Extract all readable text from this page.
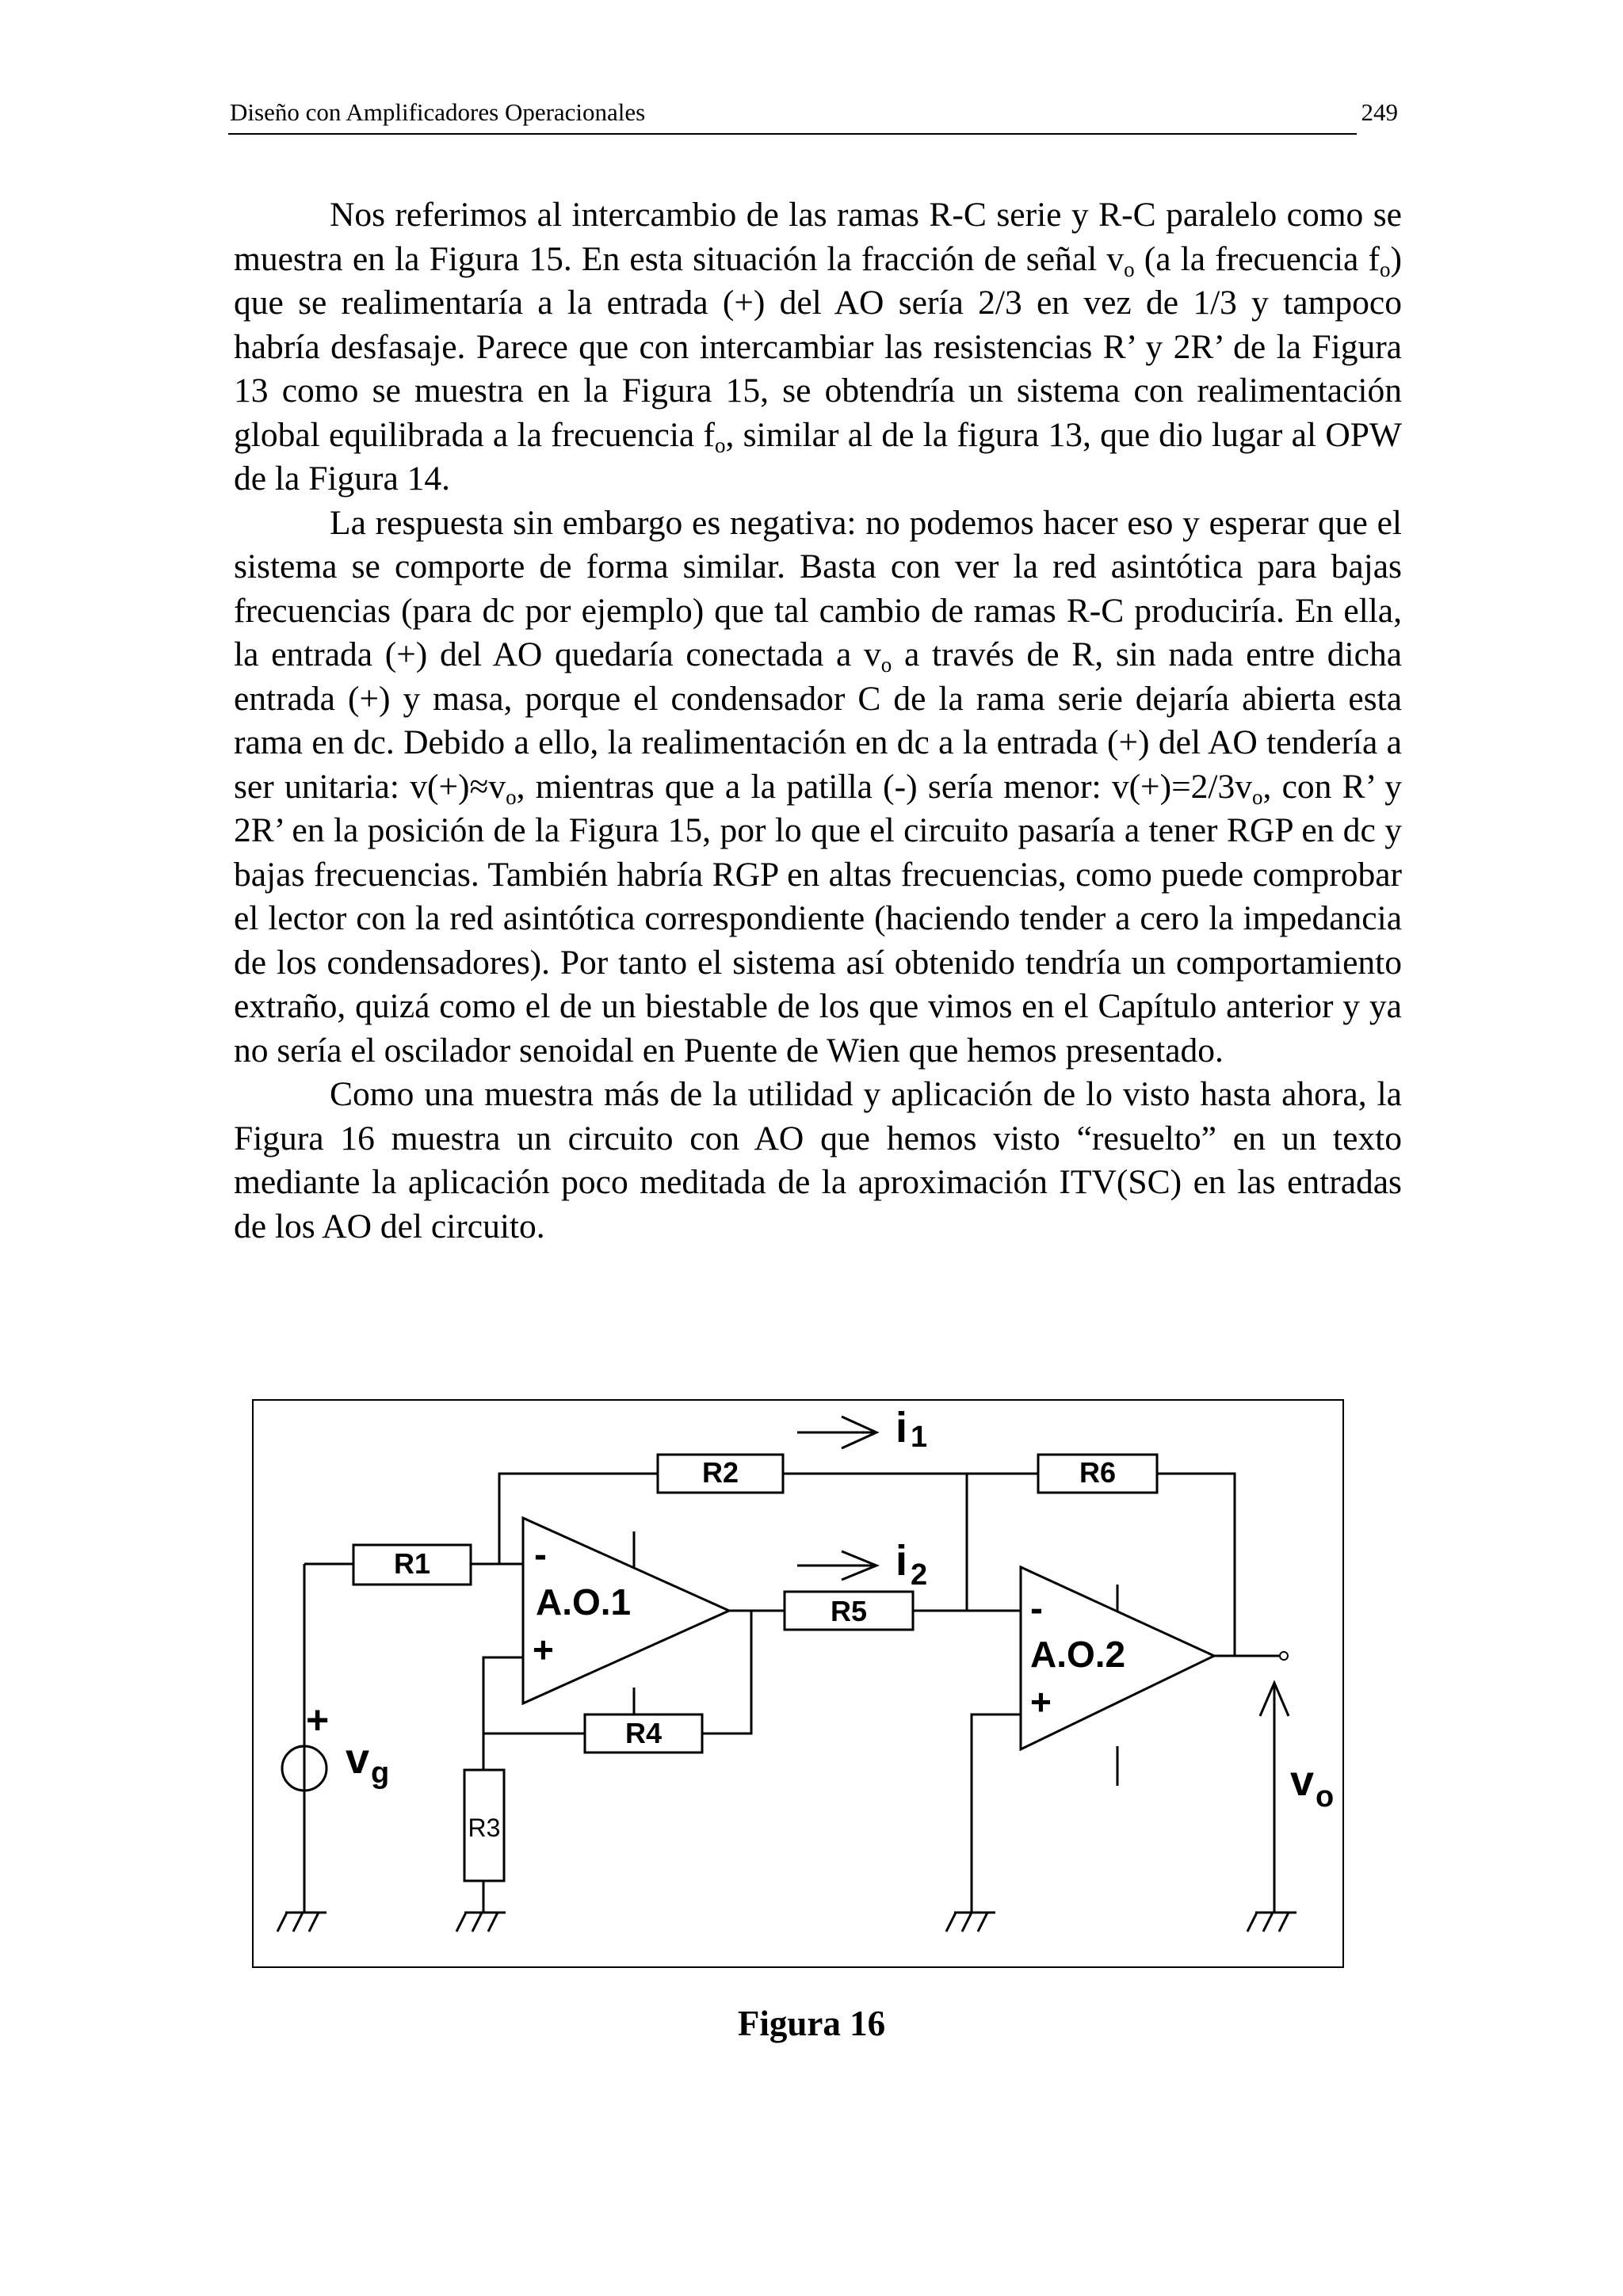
Diseño con Amplificadores Operacionales	249

Nos referimos al intercambio de las ramas R-C serie y R-C paralelo como se muestra en la Figura 15. En esta situación la fracción de señal $v_o$ (a la frecuencia $f_o$) que se realimentaría a la entrada (+) del AO sería 2/3 en vez de 1/3 y tampoco habría desfasaje. Parece que con intercambiar las resistencias R’ y 2R’ de la Figura 13 como se muestra en la Figura 15, se obtendría un sistema con realimentación global equilibrada a la frecuencia $f_o$, similar al de la figura 13, que dio lugar al OPW de la Figura 14.

La respuesta sin embargo es negativa: no podemos hacer eso y esperar que el sistema se comporte de forma similar. Basta con ver la red asintótica para bajas frecuencias (para dc por ejemplo) que tal cambio de ramas R-C produciría. En ella, la entrada (+) del AO quedaría conectada a $v_o$ a través de R, sin nada entre dicha entrada (+) y masa, porque el condensador C de la rama serie dejaría abierta esta rama en dc. Debido a ello, la realimentación en dc a la entrada (+) del AO tendería a ser unitaria: $v(+)\approx v_o$, mientras que a la patilla (-) sería menor: $v(+)=2/3v_o$, con R’ y 2R’ en la posición de la Figura 15, por lo que el circuito pasaría a tener RGP en dc y bajas frecuencias. También habría RGP en altas frecuencias, como puede comprobar el lector con la red asintótica correspondiente (haciendo tender a cero la impedancia de los condensadores). Por tanto el sistema así obtenido tendría un comportamiento extraño, quizá como el de un biestable de los que vimos en el Capítulo anterior y ya no sería el oscilador senoidal en Puente de Wien que hemos presentado.

Como una muestra más de la utilidad y aplicación de lo visto hasta ahora, la Figura 16 muestra un circuito con AO que hemos visto “resuelto” en un texto mediante la aplicación poco meditada de la aproximación ITV(SC) en las entradas de los AO del circuito.

R2	R6
R1
R5
R4
R3
-
A.O.1
+
-
A.O.2
+
i 1
i $_2$
+
$v_g$	$v_o$
Figura 16
